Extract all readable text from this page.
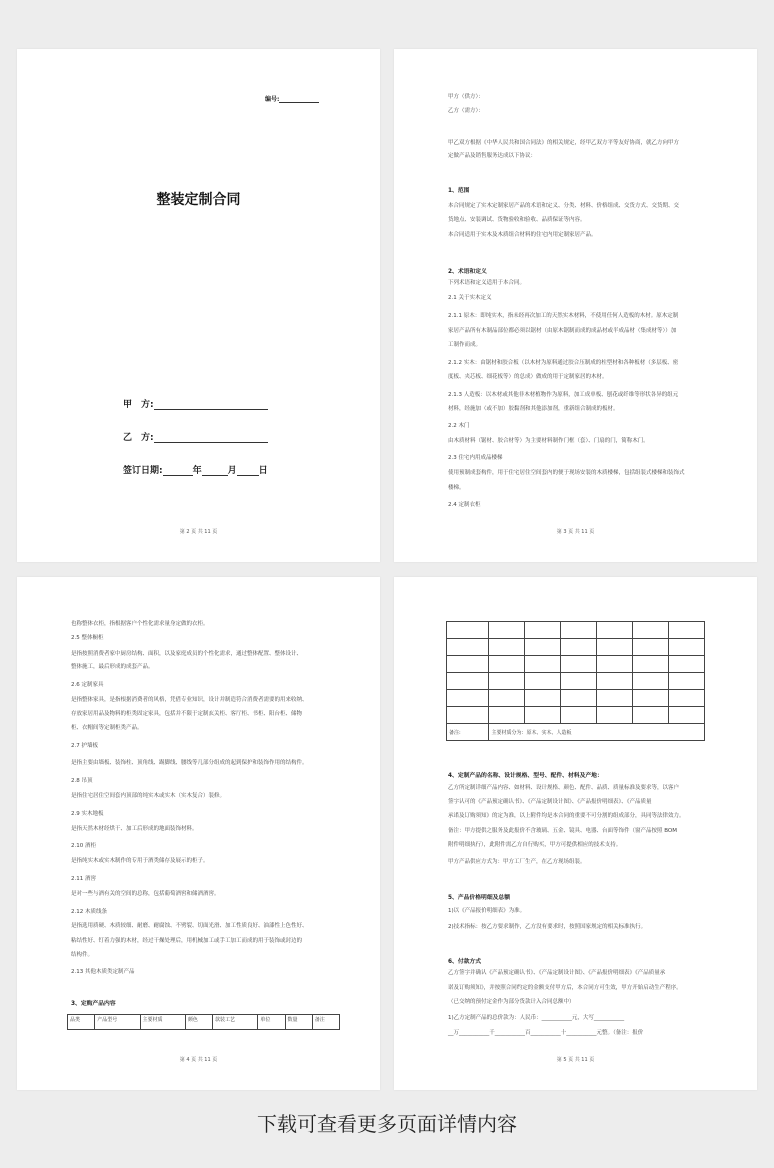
编号:
整装定制合同
甲　方:
乙　方:
签订日期:	年	月 日
第 2 页 共 11 页
甲方（供方）：
乙方（需方）：
甲乙双方根据《中华人民共和国合同法》的相关规定，经甲乙双方平等友好协商，就乙方向甲方
定做产品及销售服务达成以下协议：
1、范围
本合同规定了实木定制家居产品的术语和定义、分类、材料、价格组成、交货方式、交货期、交
货地点、安装调试、货物验收和验收、品质保证等内容。
本合同适用于实木及木质组合材料的住宅内用定制家居产品。
2、术语和定义
下列术语和定义适用于本合同。
2.1 关于实木定义
2.1.1 原木：即纯实木，指未经再次加工的天然实木材料，不使用任何人造板的木材。原木定制
家居产品所有木制品部位都必须以锯材（由原木锯制而成的成品材或半成品材（集成材等））加
工制作而成。
2.1.2 实木：由锯材和胶合板（以木材为原料通过胶合压制成的柱型材和各种板材（多层板、密
度板、夹芯板、细花板等）的总成）做成的用于定制家居的木材。
2.1.3 人造板：以木材或其他非木材植物作为原料，加工成单板、刨花或纤维等形状各异的组元
材料，经施加（或不加）胶黏剂和其他添加剂，重新组合制成的板材。
2.2 木门
由木质材料（锯材、胶合材等）为主要材料制作门框（套）、门扇的门，简称木门。
2.3 住宅内用成品楼梯
使用预制成套构件，用于住宅居住空间套内的便于现场安装的木质楼梯，包括组装式楼梯和装饰式
楼梯。
2.4 定制衣柜
第 3 页 共 11 页
也称整体衣柜，指根据客户个性化需求量身定做的衣柜。
2.5 整体橱柜
是指按照消费者家中厨房结构、面积，以及家庭成员的个性化需求，通过整体配置、整体设计、
整体施工，最后形成的成套产品。
2.6 定制家具
是指整体家具，是指根据消费者的风格，凭借专业知识，设计并制造符合消费者需要的用来收纳、
存放家居用品及物料的柜类固定家具，包括并不限于定制玄关柜、客厅柜、书柜、阳台柜、储物
柜、衣帽间等定制柜类产品。
2.7 护墙板
是指主要由墙板、装饰柱、顶角线、踢脚线、腰线等几部分组成的起到保护和装饰作用的结构件。
2.8 吊顶
是指住宅居住空间套内顶部的纯实木或实木（实木复合）装修。
2.9 实木地板
是指天然木材经烘干、加工后形成的地面装饰材料。
2.10 酒柜
是指纯实木或实木制作的专用于酒类储存及展示的柜子。
2.11 酒窖
是对一些与酒有关的空间的总称，包括葡萄酒窖和储酒酒窖。
2.12 木质线条
是指选用质硬、木质较细、耐磨、耐腐蚀、不劈裂、切面光滑、加工性质良好、油漆性上色性好、
粘结性好、钉着力强的木材，经过干燥处理后，用机械加工或手工加工而成的用于装饰或封边的
结构件。
2.13 其他木质类定制产品
3、定购产品内容
品类	产品型号	主要材质	颜色	款装工艺	单位	数量	备注
第 4 页 共 11 页

备注:	主要材质分为：原木、实木、人造板					
4、定制产品的名称、设计规格、型号、配件、材料及产地：
乙方所定制详细产品内容、如材料、设计规格、颜色、配件、品质、质量标准及要求等，以客户
签字认可的《产品预定确认书》、《产品定制设计图》、《产品报价明细表》、《产品质量
承诺及订购须知》的定为准，以上附件均是本合同的重要不可分割的组成部分，具同等法律效力。
备注：甲方提供之服务及此报价不含玻璃、五金、镜具、电器、台面等饰件（窗产品按照 BOM
附件明细执行），此附件需乙方自行购买，甲方可提供相应的技术支持。
甲方产品供应方式为：甲方工厂生产，在乙方现场组装。
5、产品价格明细及总额
1)以《产品报价明细表》为准。
2)技术指标：按乙方要求制作，乙方没有要求时，按照国家规定的相关标准执行。
6、付款方式
乙方签字并确认《产品预定确认书》、《产品定制设计图》、《产品报价明细表》《产品质量承
诺及订购须知》，并按照合同约定的金额支付甲方后，本合同方可生效，甲方开始启动生产程序。
（已交纳的预付定金作为部分货款计入合同总额中）
1)乙方定制产品的总价款为：人民币：___________元，大写___________
__万___________千___________百___________十___________元整。（备注：报价
第 5 页 共 11 页
下载可查看更多页面详情内容
